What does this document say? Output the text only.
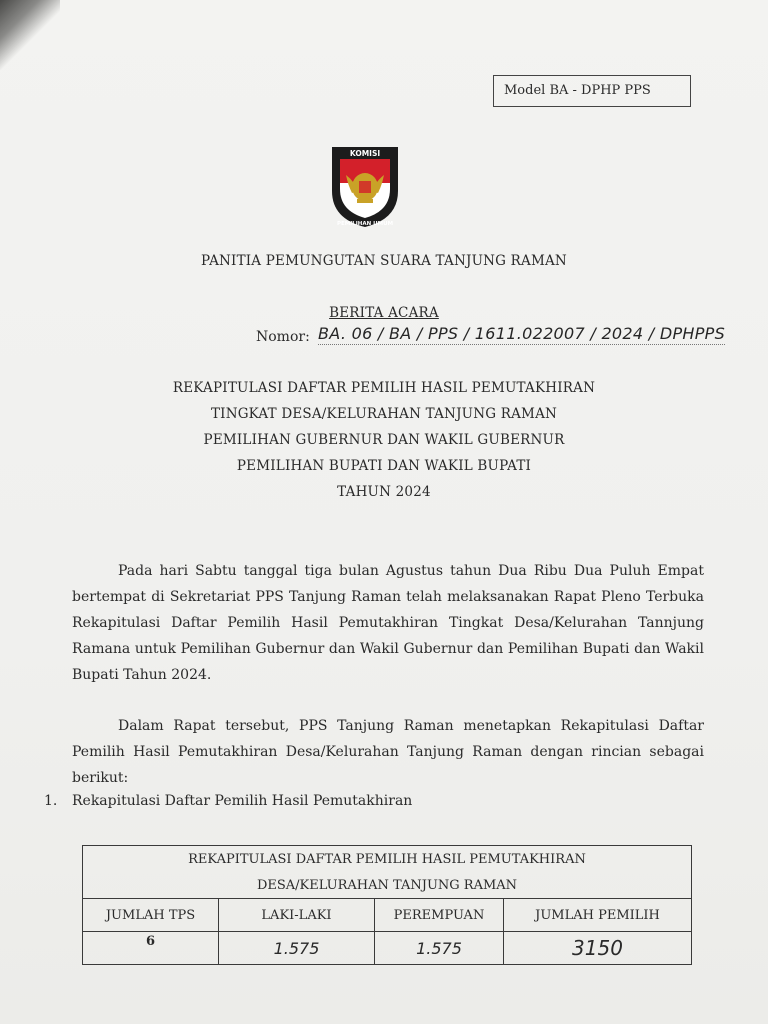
Model BA - DPHP PPS
KOMISI
PEMILIHAN UMUM
PANITIA PEMUNGUTAN SUARA TANJUNG RAMAN
BERITA ACARA
Nomor: BA. 06 / BA / PPS / 1611.022007 / 2024 / DPHPPS
REKAPITULASI DAFTAR PEMILIH HASIL PEMUTAKHIRAN
TINGKAT DESA/KELURAHAN TANJUNG RAMAN
PEMILIHAN GUBERNUR DAN WAKIL GUBERNUR
PEMILIHAN BUPATI DAN WAKIL BUPATI
TAHUN 2024
Pada hari Sabtu tanggal tiga bulan Agustus tahun Dua Ribu Dua Puluh Empat bertempat di Sekretariat PPS Tanjung Raman telah melaksanakan Rapat Pleno Terbuka Rekapitulasi Daftar Pemilih Hasil Pemutakhiran Tingkat Desa/Kelurahan Tannjung Ramana untuk Pemilihan Gubernur dan Wakil Gubernur dan Pemilihan Bupati dan Wakil Bupati Tahun 2024.
Dalam Rapat tersebut, PPS Tanjung Raman menetapkan Rekapitulasi Daftar Pemilih Hasil Pemutakhiran Desa/Kelurahan Tanjung Raman dengan rincian sebagai berikut:
1. Rekapitulasi Daftar Pemilih Hasil Pemutakhiran
REKAPITULASI DAFTAR PEMILIH HASIL PEMUTAKHIRAN			
DESA/KELURAHAN TANJUNG RAMAN			
JUMLAH TPS	LAKI-LAKI	PEREMPUAN	JUMLAH PEMILIH
6	1.575	1.575	3150
